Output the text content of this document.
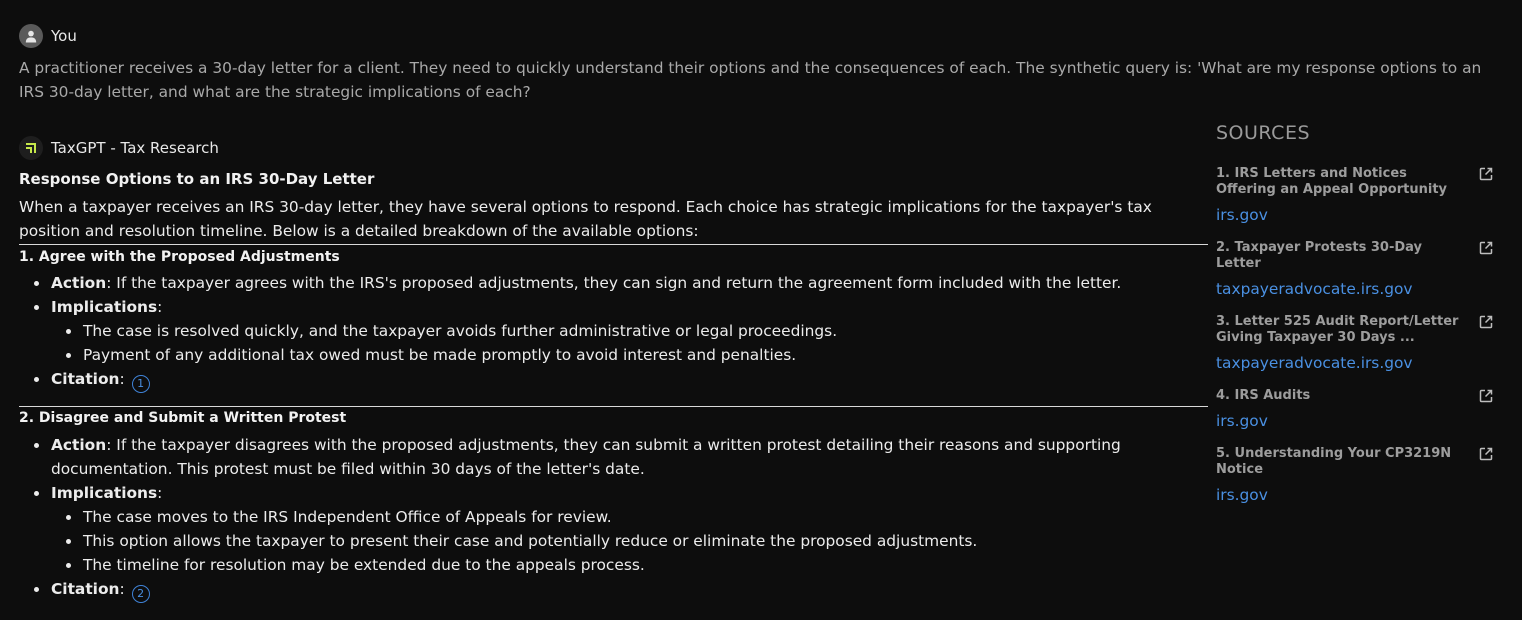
You
A practitioner receives a 30-day letter for a client. They need to quickly understand their options and the consequences of each. The synthetic query is: 'What are my response options to an IRS 30-day letter, and what are the strategic implications of each?
TaxGPT - Tax Research
Response Options to an IRS 30-Day Letter
When a taxpayer receives an IRS 30-day letter, they have several options to respond. Each choice has strategic implications for the taxpayer's tax position and resolution timeline. Below is a detailed breakdown of the available options:
1. Agree with the Proposed Adjustments
Action: If the taxpayer agrees with the IRS's proposed adjustments, they can sign and return the agreement form included with the letter.
Implications:
The case is resolved quickly, and the taxpayer avoids further administrative or legal proceedings.
Payment of any additional tax owed must be made promptly to avoid interest and penalties.
Citation: 1
2. Disagree and Submit a Written Protest
Action: If the taxpayer disagrees with the proposed adjustments, they can submit a written protest detailing their reasons and supporting documentation. This protest must be filed within 30 days of the letter's date.
Implications:
The case moves to the IRS Independent Office of Appeals for review.
This option allows the taxpayer to present their case and potentially reduce or eliminate the proposed adjustments.
The timeline for resolution may be extended due to the appeals process.
Citation: 2
SOURCES
1. IRS Letters and Notices Offering an Appeal Opportunity
irs.gov
2. Taxpayer Protests 30-Day Letter
taxpayeradvocate.irs.gov
3. Letter 525 Audit Report/Letter Giving Taxpayer 30 Days ...
taxpayeradvocate.irs.gov
4. IRS Audits
irs.gov
5. Understanding Your CP3219N Notice
irs.gov
